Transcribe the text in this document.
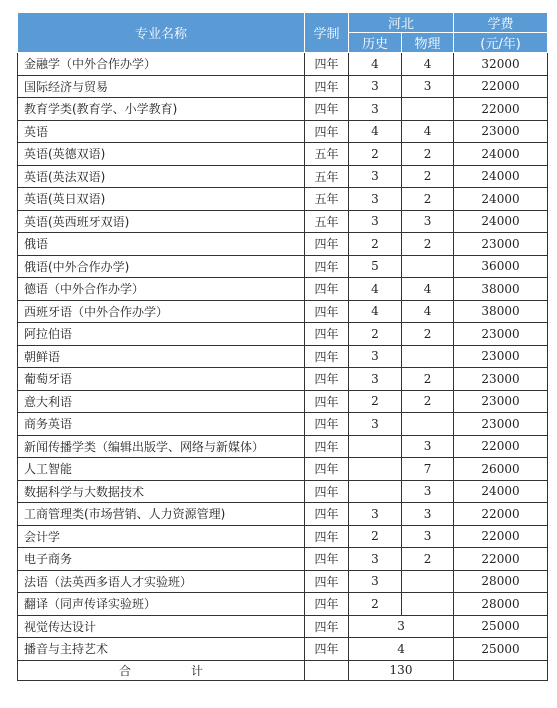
专业名称	学制	河北		学费
		历史	物理	(元/年)
金融学（中外合作办学）	四年	4	4	32000
国际经济与贸易	四年	3	3	22000
教育学类(教育学、小学教育)	四年	3		22000
英语	四年	4	4	23000
英语(英德双语)	五年	2	2	24000
英语(英法双语)	五年	3	2	24000
英语(英日双语)	五年	3	2	24000
英语(英西班牙双语)	五年	3	3	24000
俄语	四年	2	2	23000
俄语(中外合作办学)	四年	5		36000
德语（中外合作办学）	四年	4	4	38000
西班牙语（中外合作办学）	四年	4	4	38000
阿拉伯语	四年	2	2	23000
朝鲜语	四年	3		23000
葡萄牙语	四年	3	2	23000
意大利语	四年	2	2	23000
商务英语	四年	3		23000
新闻传播学类（编辑出版学、网络与新媒体）	四年		3	22000
人工智能	四年		7	26000
数据科学与大数据技术	四年		3	24000
工商管理类(市场营销、人力资源管理)	四年	3	3	22000
会计学	四年	2	3	22000
电子商务	四年	3	2	22000
法语（法英西多语人才实验班）	四年	3		28000
翻译（同声传译实验班）	四年	2		28000
视觉传达设计	四年	3		25000
播音与主持艺术	四年	4		25000
合计		130		
